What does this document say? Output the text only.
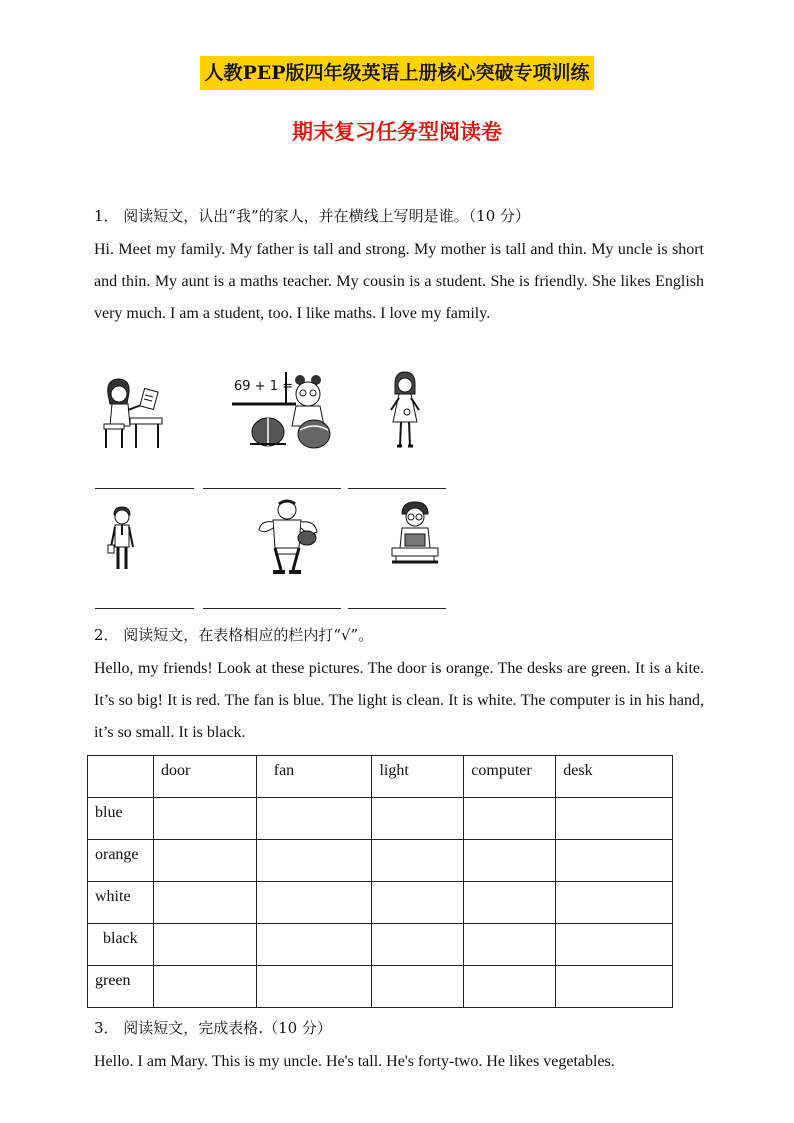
人教PEP版四年级英语上册核心突破专项训练
期末复习任务型阅读卷
1． 阅读短文，认出“我”的家人，并在横线上写明是谁。（10 分）
Hi. Meet my family. My father is tall and strong. My mother is tall and thin. My uncle is short and thin. My aunt is a maths teacher. My cousin is a student. She is friendly. She likes English very much. I am a student, too. I like maths. I love my family.
69 + 1 =
2． 阅读短文，在表格相应的栏内打“√”。
Hello, my friends! Look at these pictures. The door is orange. The desks are green. It is a kite. It’s so big! It is red. The fan is blue. The light is clean. It is white. The computer is in his hand, it’s so small. It is black.
	door	fan	light	computer	desk
blue					
orange					
white					
black					
green					
3． 阅读短文，完成表格.（10 分）
Hello. I am Mary. This is my uncle. He's tall. He's forty-two. He likes vegetables.
